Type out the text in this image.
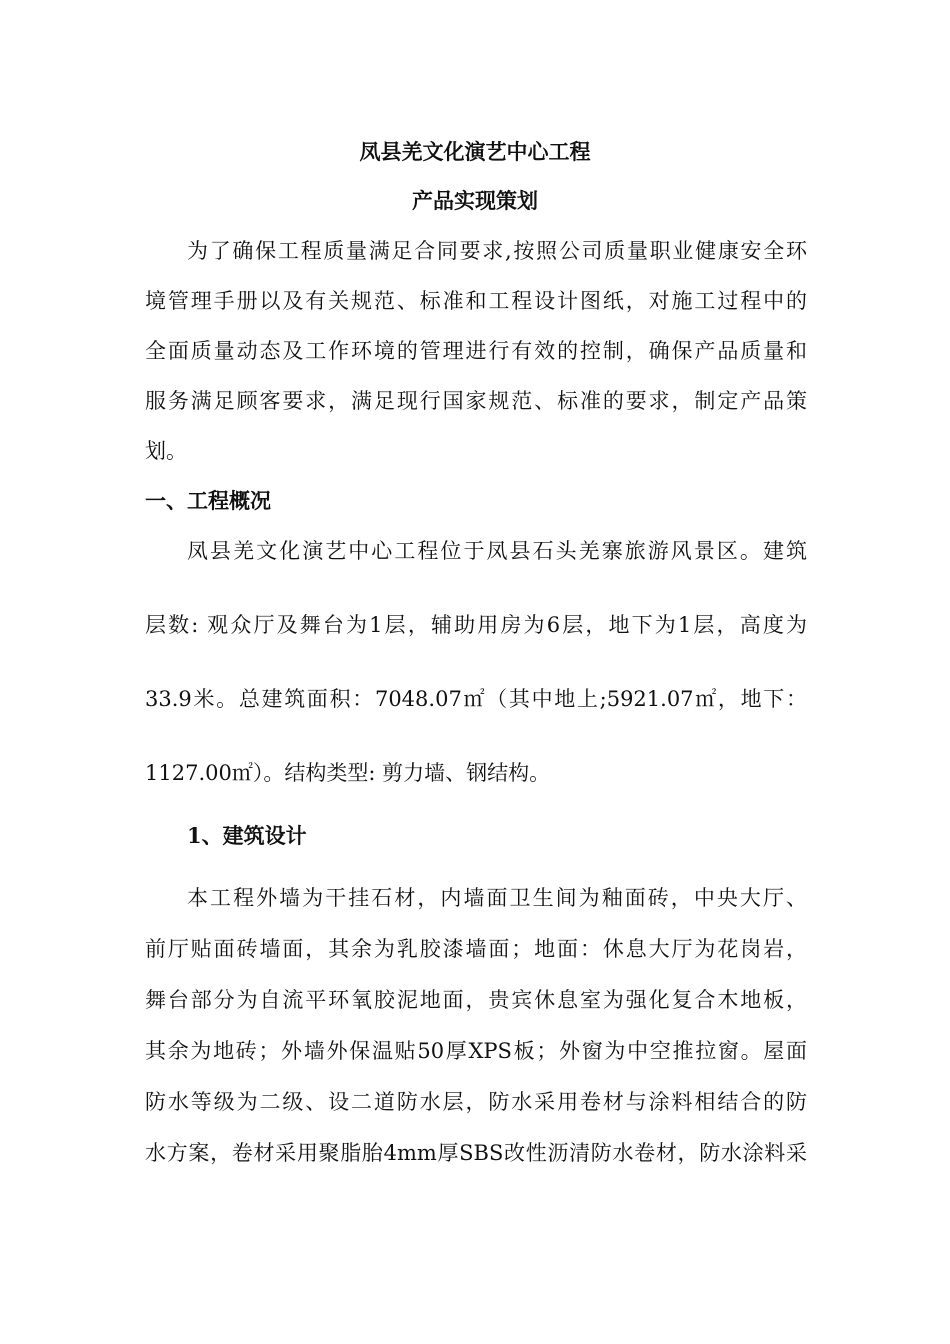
凤县羌文化演艺中心工程
产品实现策划
为了确保工程质量满足合同要求,按照公司质量职业健康安全环
境管理手册以及有关规范、标准和工程设计图纸，对施工过程中的
全面质量动态及工作环境的管理进行有效的控制，确保产品质量和
服务满足顾客要求，满足现行国家规范、标准的要求，制定产品策
划。
一、工程概况
凤县羌文化演艺中心工程位于凤县石头羌寨旅游风景区。建筑
层数: 观众厅及舞台为1层，辅助用房为6层，地下为1层，高度为
33.9米。总建筑面积：7048.07㎡（其中地上;5921.07㎡，地下：
1127.00㎡）。结构类型: 剪力墙、钢结构。
1、建筑设计
本工程外墙为干挂石材，内墙面卫生间为釉面砖，中央大厅、
前厅贴面砖墙面，其余为乳胶漆墙面；地面：休息大厅为花岗岩，
舞台部分为自流平环氧胶泥地面，贵宾休息室为强化复合木地板，
其余为地砖；外墙外保温贴50厚XPS板；外窗为中空推拉窗。屋面
防水等级为二级、设二道防水层，防水采用卷材与涂料相结合的防
水方案，卷材采用聚脂胎4mm厚SBS改性沥清防水卷材，防水涂料采
